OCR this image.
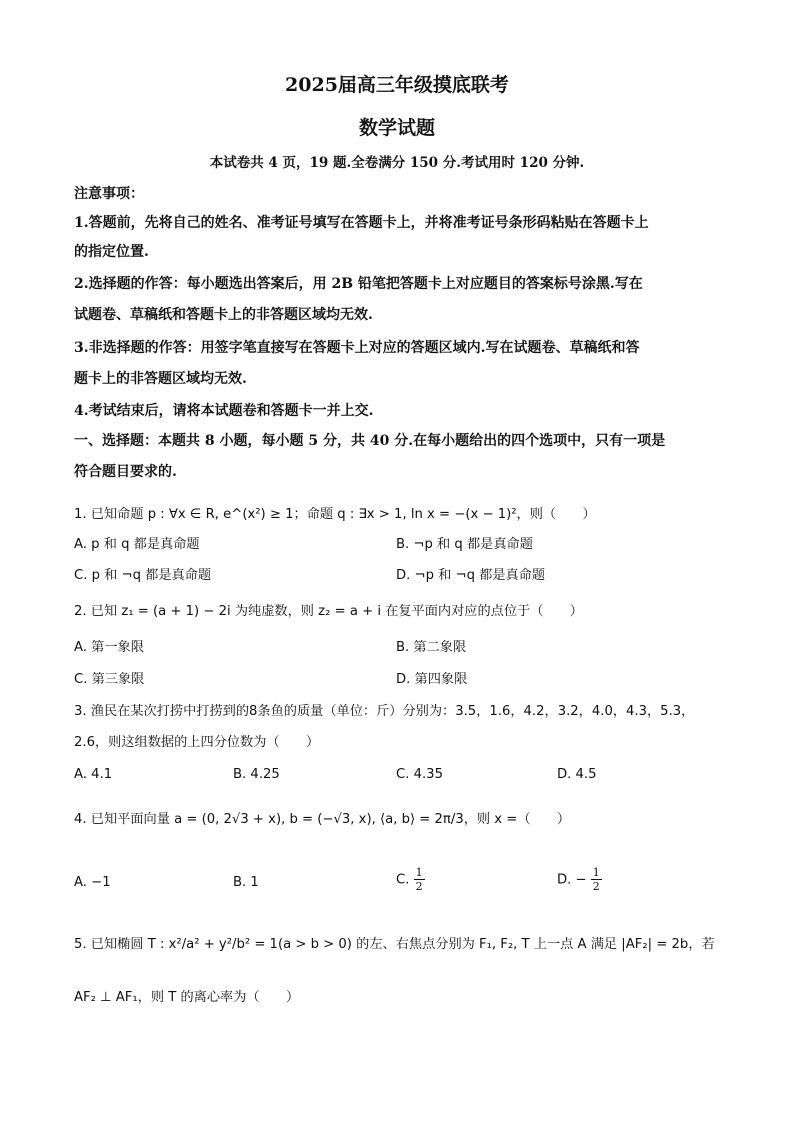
2025届高三年级摸底联考
数学试题
本试卷共 4 页，19 题.全卷满分 150 分.考试用时 120 分钟.
注意事项：
1.答题前，先将自己的姓名、准考证号填写在答题卡上，并将准考证号条形码粘贴在答题卡上
的指定位置.
2.选择题的作答：每小题选出答案后，用 2B 铅笔把答题卡上对应题目的答案标号涂黑.写在
试题卷、草稿纸和答题卡上的非答题区域均无效.
3.非选择题的作答：用签字笔直接写在答题卡上对应的答题区域内.写在试题卷、草稿纸和答
题卡上的非答题区域均无效.
4.考试结束后，请将本试题卷和答题卡一并上交.
一、选择题：本题共 8 小题，每小题 5 分，共 40 分.在每小题给出的四个选项中，只有一项是
符合题目要求的.
1. 已知命题 p : ∀x ∈ R, e^(x²) ≥ 1；命题 q : ∃x > 1, ln x = −(x − 1)²，则（　　）
A. p 和 q 都是真命题	B. ¬p 和 q 都是真命题
C. p 和 ¬q 都是真命题	D. ¬p 和 ¬q 都是真命题
2. 已知 z₁ = (a + 1) − 2i 为纯虚数，则 z₂ = a + i 在复平面内对应的点位于（　　）
A. 第一象限	B. 第二象限
C. 第三象限	D. 第四象限
3. 渔民在某次打捞中打捞到的8条鱼的质量（单位：斤）分别为：3.5，1.6，4.2，3.2，4.0，4.3，5.3，
2.6，则这组数据的上四分位数为（　　）
A. 4.1	B. 4.25	C. 4.35	D. 4.5
4. 已知平面向量 a = (0, 2√3 + x), b = (−√3, x), ⟨a, b⟩ = 2π/3，则 x =（　　）
A. −1	B. 1	C. $\frac{1}{2}$	D. − $\frac{1}{2}$
5. 已知椭圆 T : x²/a² + y²/b² = 1(a > b > 0) 的左、右焦点分别为 F₁, F₂, T 上一点 A 满足 |AF₂| = 2b，若
AF₂ ⊥ AF₁，则 T 的离心率为（　　）
